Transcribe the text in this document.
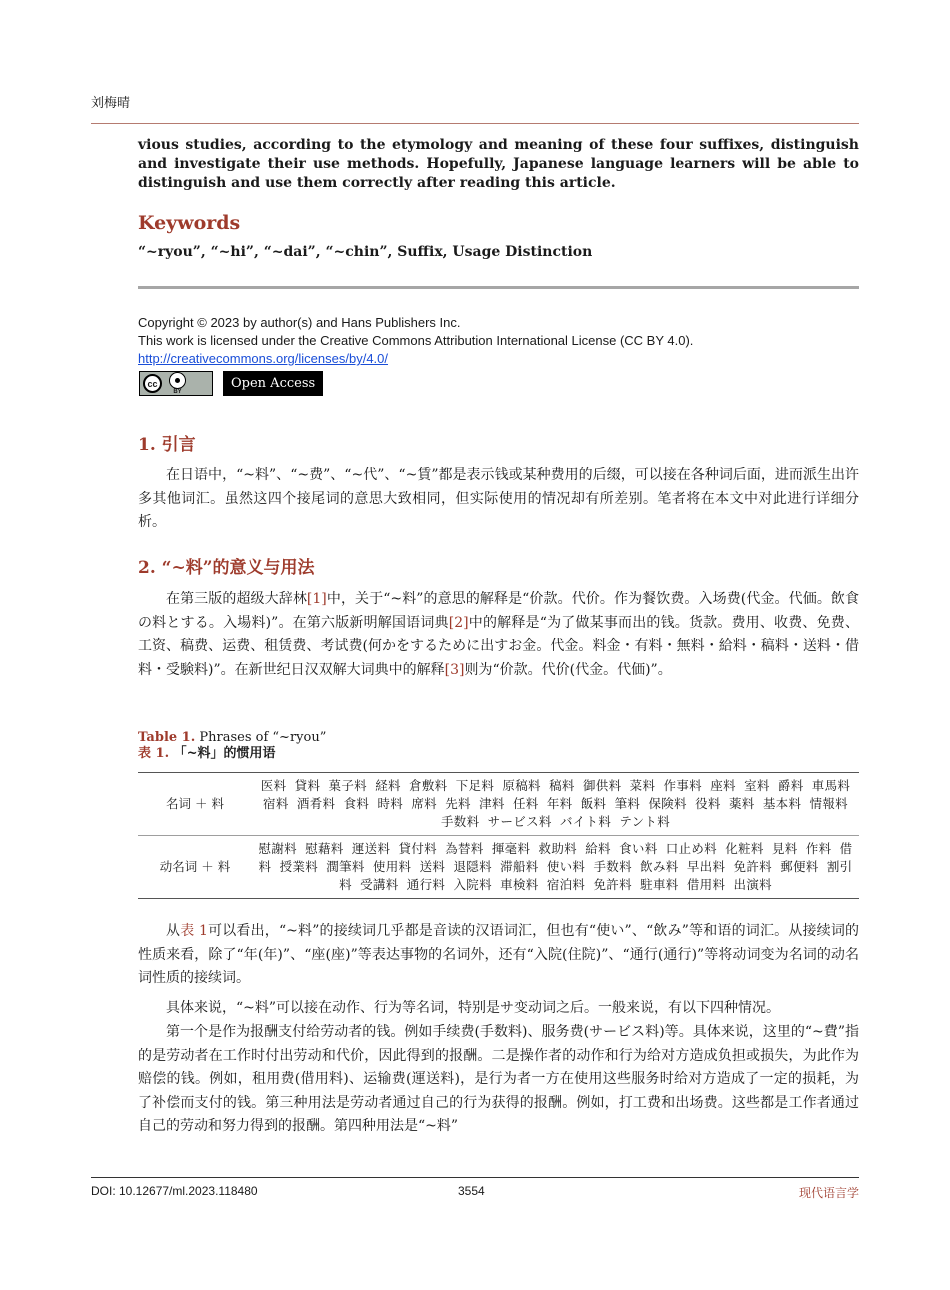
刘梅晴
vious studies, according to the etymology and meaning of these four suffixes, distinguish and investigate their use methods. Hopefully, Japanese language learners will be able to distinguish and use them correctly after reading this article.
Keywords
“~ryou”, “~hi”, “~dai”, “~chin”, Suffix, Usage Distinction
Copyright © 2023 by author(s) and Hans Publishers Inc.
This work is licensed under the Creative Commons Attribution International License (CC BY 4.0).
http://creativecommons.org/licenses/by/4.0/
cc
BY
Open Access
1. 引言
在日语中，“~料”、“~费”、“~代”、“~賃”都是表示钱或某种费用的后缀，可以接在各种词后面，进而派生出许多其他词汇。虽然这四个接尾词的意思大致相同，但实际使用的情况却有所差别。笔者将在本文中对此进行详细分析。
2. “~料”的意义与用法
在第三版的超级大辞林[1]中，关于“~料”的意思的解释是“价款。代价。作为餐饮费。入场费(代金。代価。飲食の料とする。入場料)”。在第六版新明解国语词典[2]中的解释是“为了做某事而出的钱。货款。费用、收费、免费、工资、稿费、运费、租赁费、考试费(何かをするために出すお金。代金。料金・有料・無料・給料・稿料・送料・借料・受験料)”。在新世纪日汉双解大词典中的解释[3]则为“价款。代价(代金。代価)”。
Table 1. Phrases of “~ryou”
表 1. 「~料」的惯用语
名词 ＋ 料	医料 貸料 菓子料 経料 倉敷料 下足料 原稿料 稿料 御供料 菜料 作事料 座料 室料 爵料 車馬料 宿料 酒肴料 食料 時料 席料 先料 津料 任料 年料 飯料 筆料 保険料 役料 薬料 基本料 情報料 手数料 サービス料 バイト料 テント料
动名词 ＋ 料	慰謝料 慰藉料 運送料 貸付料 為替料 揮毫料 救助料 給料 食い料 口止め料 化粧料 見料 作料 借料 授業料 潤筆料 使用料 送料 退隠料 滞船料 使い料 手数料 飲み料 早出料 免許料 郵便料 割引料 受講料 通行料 入院料 車検料 宿泊料 免許料 駐車料 借用料 出演料
从表 1可以看出，“~料”的接续词几乎都是音读的汉语词汇，但也有“使い”、“飲み”等和语的词汇。从接续词的性质来看，除了“年(年)”、“座(座)”等表达事物的名词外，还有“入院(住院)”、“通行(通行)”等将动词变为名词的动名词性质的接续词。
具体来说，“~料”可以接在动作、行为等名词，特别是サ变动词之后。一般来说，有以下四种情况。
第一个是作为报酬支付给劳动者的钱。例如手续费(手数料)、服务费(サービス料)等。具体来说，这里的“~費”指的是劳动者在工作时付出劳动和代价，因此得到的报酬。二是操作者的动作和行为给对方造成负担或损失，为此作为赔偿的钱。例如，租用费(借用料)、运输费(運送料)，是行为者一方在使用这些服务时给对方造成了一定的损耗，为了补偿而支付的钱。第三种用法是劳动者通过自己的行为获得的报酬。例如，打工费和出场费。这些都是工作者通过自己的劳动和努力得到的报酬。第四种用法是“~料”
DOI: 10.12677/ml.2023.118480	3554	现代语言学
